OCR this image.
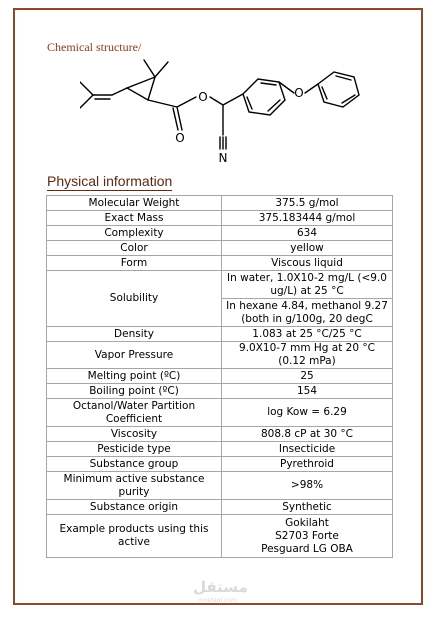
Chemical structure/
O
O
N
O
Physical information
Molecular Weight	375.5 g/mol
Exact Mass	375.183444 g/mol
Complexity	634
Color	yellow
Form	Viscous liquid
Solubility	In water, 1.0X10-2 mg/L (<9.0 ug/L) at 25 °C
	In hexane 4.84, methanol 9.27 (both in g/100g, 20 degC
Density	1.083 at 25 °C/25 °C
Vapor Pressure	9.0X10-7 mm Hg at 20 °C (0.12 mPa)
Melting point (ºC)	25
Boiling point (ºC)	154
Octanol/Water Partition Coefficient	log Kow = 6.29
Viscosity	808.8 cP at 30 °C
Pesticide type	Insecticide
Substance group	Pyrethroid
Minimum active substance purity	>98%
Substance origin	Synthetic
Example products using this active	Gokilaht
S2703 Forte
Pesguard LG OBA
مستقل
mostaql.com
